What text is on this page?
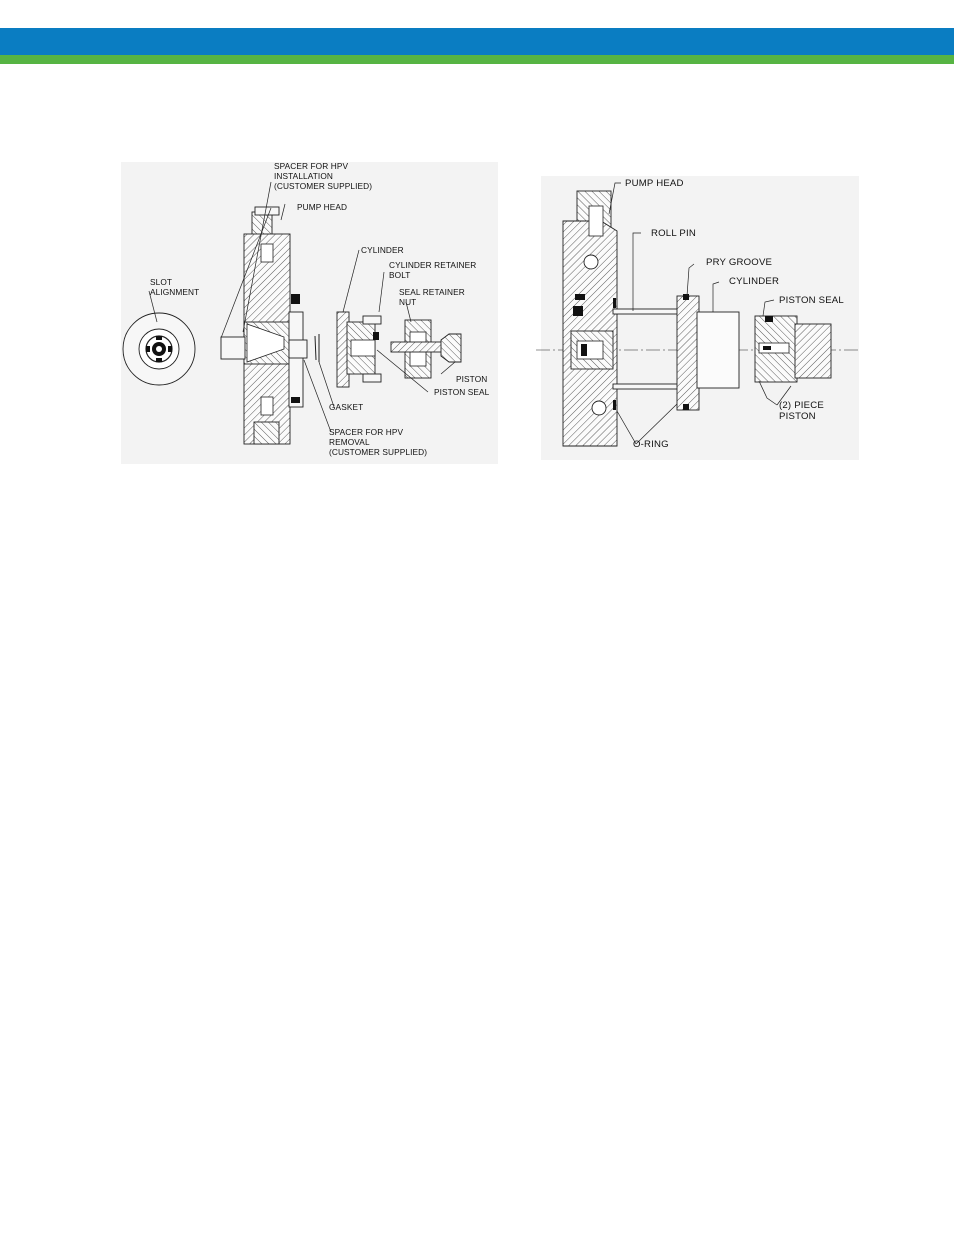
SPACER FOR HPV
INSTALLATION
(CUSTOMER SUPPLIED)
PUMP HEAD
CYLINDER
CYLINDER RETAINER
BOLT
SEAL RETAINER
NUT
SLOT
ALIGNMENT
PISTON
PISTON SEAL
GASKET
SPACER FOR HPV
REMOVAL
(CUSTOMER SUPPLIED)
PUMP HEAD
ROLL PIN
PRY GROOVE
CYLINDER
PISTON SEAL
(2) PIECE
PISTON
O-RING
